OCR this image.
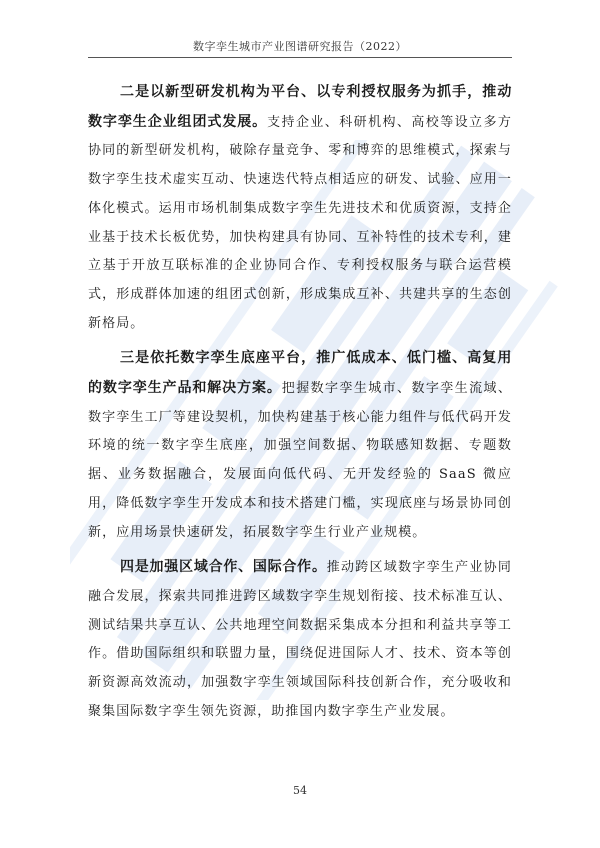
数字孪生城市产业图谱研究报告（2022）

二是以新型研发机构为平台、以专利授权服务为抓手，推动数字孪生企业组团式发展。支持企业、科研机构、高校等设立多方协同的新型研发机构，破除存量竞争、零和博弈的思维模式，探索与数字孪生技术虚实互动、快速迭代特点相适应的研发、试验、应用一体化模式。运用市场机制集成数字孪生先进技术和优质资源，支持企业基于技术长板优势，加快构建具有协同、互补特性的技术专利，建立基于开放互联标准的企业协同合作、专利授权服务与联合运营模式，形成群体加速的组团式创新，形成集成互补、共建共享的生态创新格局。

三是依托数字孪生底座平台，推广低成本、低门槛、高复用的数字孪生产品和解决方案。把握数字孪生城市、数字孪生流域、数字孪生工厂等建设契机，加快构建基于核心能力组件与低代码开发环境的统一数字孪生底座，加强空间数据、物联感知数据、专题数据、业务数据融合，发展面向低代码、无开发经验的 SaaS 微应用，降低数字孪生开发成本和技术搭建门槛，实现底座与场景协同创新，应用场景快速研发，拓展数字孪生行业产业规模。

四是加强区域合作、国际合作。推动跨区域数字孪生产业协同融合发展，探索共同推进跨区域数字孪生规划衔接、技术标准互认、测试结果共享互认、公共地理空间数据采集成本分担和利益共享等工作。借助国际组织和联盟力量，围绕促进国际人才、技术、资本等创新资源高效流动，加强数字孪生领域国际科技创新合作，充分吸收和聚集国际数字孪生领先资源，助推国内数字孪生产业发展。

54
